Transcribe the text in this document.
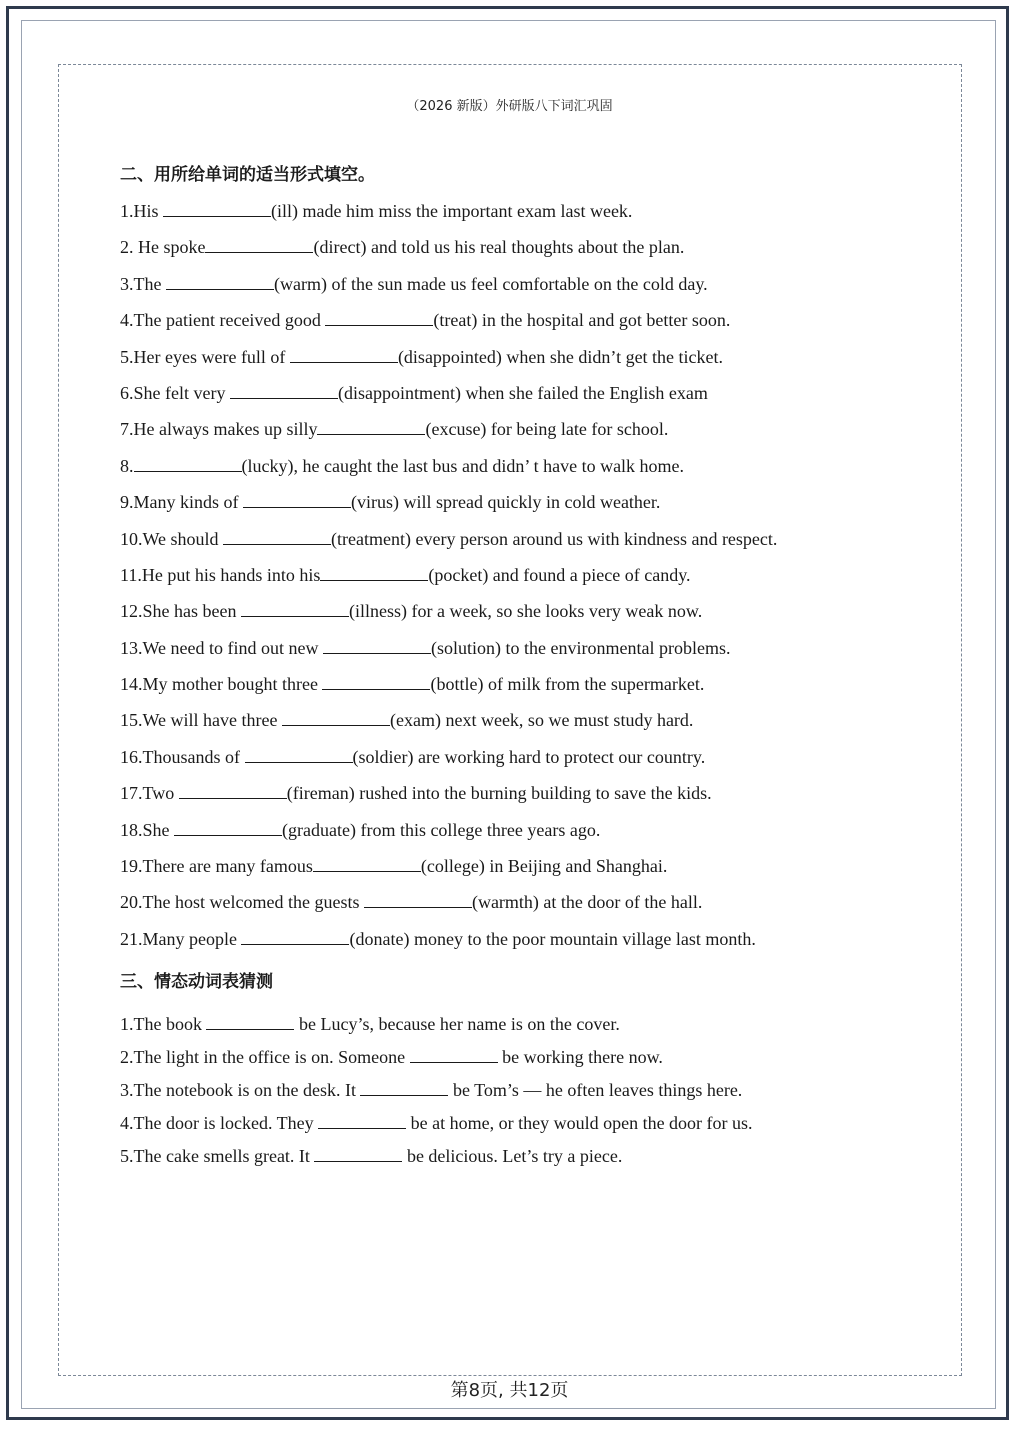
（2026 新版）外研版八下词汇巩固
二、用所给单词的适当形式填空。
1.His	(ill) made him miss the important exam last week.
2. He spoke	(direct) and told us his real thoughts about the plan.
3.The	(warm) of the sun made us feel comfortable on the cold day.
4.The patient received good	(treat) in the hospital and got better soon.
5.Her eyes were full of	(disappointed) when she didn’t get the ticket.
6.She felt very	(disappointment) when she failed the English exam
7.He always makes up silly	(excuse) for being late for school.
8.	(lucky), he caught the last bus and didn’ t have to walk home.
9.Many kinds of	(virus) will spread quickly in cold weather.
10.We should	(treatment) every person around us with kindness and respect.
11.He put his hands into his	(pocket) and found a piece of candy.
12.She has been	(illness) for a week, so she looks very weak now.
13.We need to find out new	(solution) to the environmental problems.
14.My mother bought three	(bottle) of milk from the supermarket.
15.We will have three	(exam) next week, so we must study hard.
16.Thousands of	(soldier) are working hard to protect our country.
17.Two	(fireman) rushed into the burning building to save the kids.
18.She	(graduate) from this college three years ago.
19.There are many famous	(college) in Beijing and Shanghai.
20.The host welcomed the guests	(warmth) at the door of the hall.
21.Many people	(donate) money to the poor mountain village last month.
三、情态动词表猜测
1.The book	be Lucy’s, because her name is on the cover.
2.The light in the office is on. Someone	be working there now.
3.The notebook is on the desk. It	be Tom’s — he often leaves things here.
4.The door is locked. They	be at home, or they would open the door for us.
5.The cake smells great. It	be delicious. Let’s try a piece.
第8页, 共12页
